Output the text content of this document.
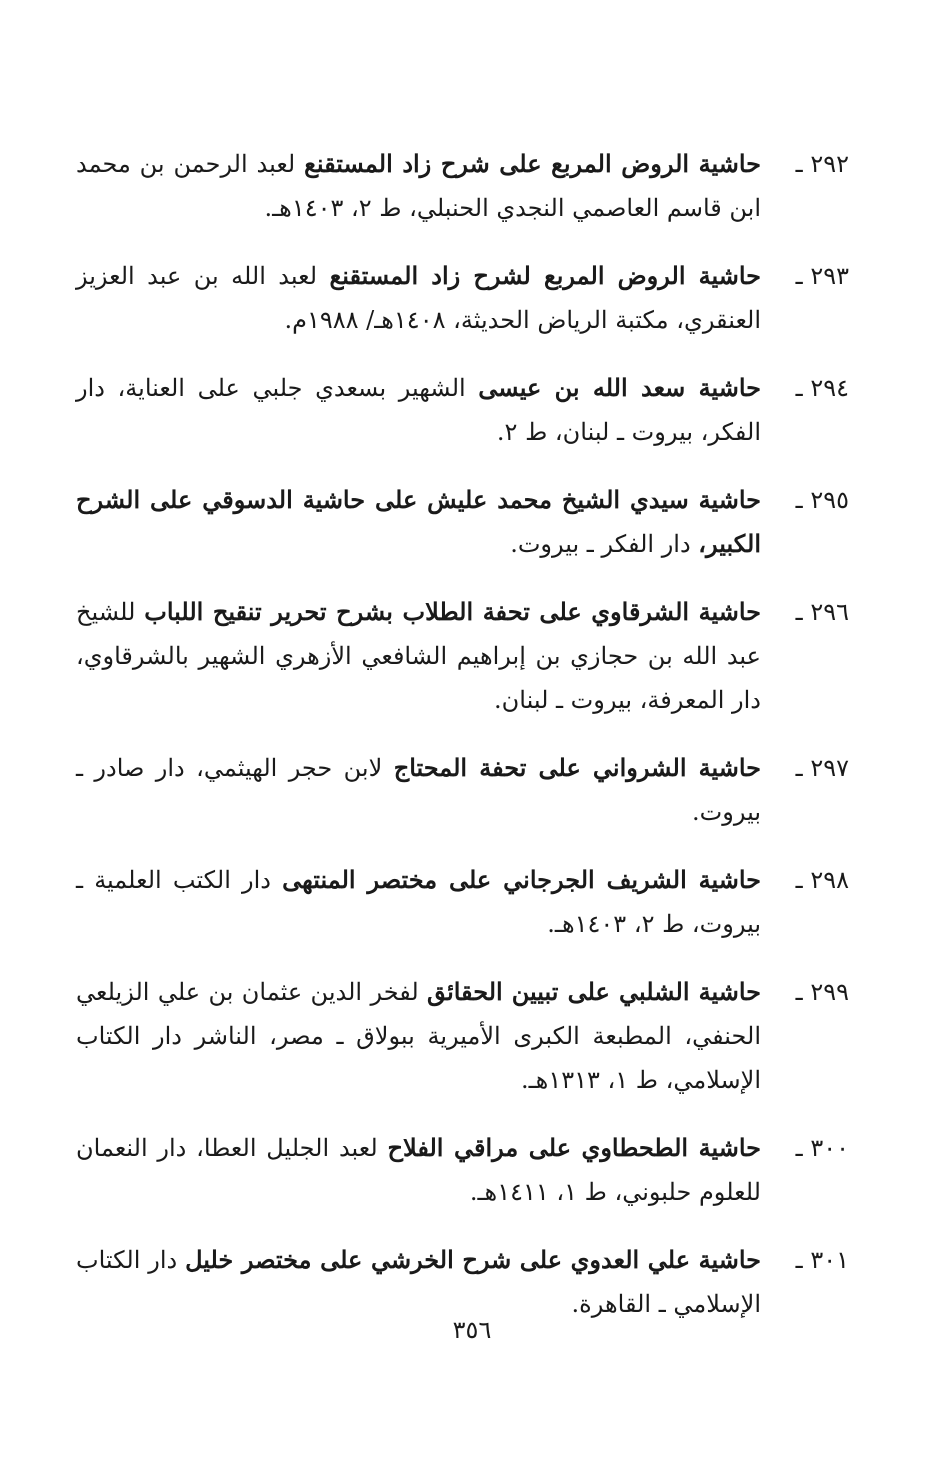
٢٩٢ ـ
حاشية الروض المربع على شرح زاد المستقنع لعبد الرحمن بن محمد ابن قاسم العاصمي النجدي الحنبلي، ط ٢، ١٤٠٣هـ.
٢٩٣ ـ
حاشية الروض المربع لشرح زاد المستقنع لعبد الله بن عبد العزيز العنقري، مكتبة الرياض الحديثة، ١٤٠٨هـ/ ١٩٨٨م.
٢٩٤ ـ
حاشية سعد الله بن عيسى الشهير بسعدي جلبي على العناية، دار الفكر، بيروت ـ لبنان، ط ٢.
٢٩٥ ـ
حاشية سيدي الشيخ محمد عليش على حاشية الدسوقي على الشرح الكبير، دار الفكر ـ بيروت.
٢٩٦ ـ
حاشية الشرقاوي على تحفة الطلاب بشرح تحرير تنقيح اللباب للشيخ عبد الله بن حجازي بن إبراهيم الشافعي الأزهري الشهير بالشرقاوي، دار المعرفة، بيروت ـ لبنان.
٢٩٧ ـ
حاشية الشرواني على تحفة المحتاج لابن حجر الهيثمي، دار صادر ـ بيروت.
٢٩٨ ـ
حاشية الشريف الجرجاني على مختصر المنتهى دار الكتب العلمية ـ بيروت، ط ٢، ١٤٠٣هـ.
٢٩٩ ـ
حاشية الشلبي على تبيين الحقائق لفخر الدين عثمان بن علي الزيلعي الحنفي، المطبعة الكبرى الأميرية ببولاق ـ مصر، الناشر دار الكتاب الإسلامي، ط ١، ١٣١٣هـ.
٣٠٠ ـ
حاشية الطحطاوي على مراقي الفلاح لعبد الجليل العطا، دار النعمان للعلوم حلبوني، ط ١، ١٤١١هـ.
٣٠١ ـ
حاشية علي العدوي على شرح الخرشي على مختصر خليل دار الكتاب الإسلامي ـ القاهرة.
٣٥٦
